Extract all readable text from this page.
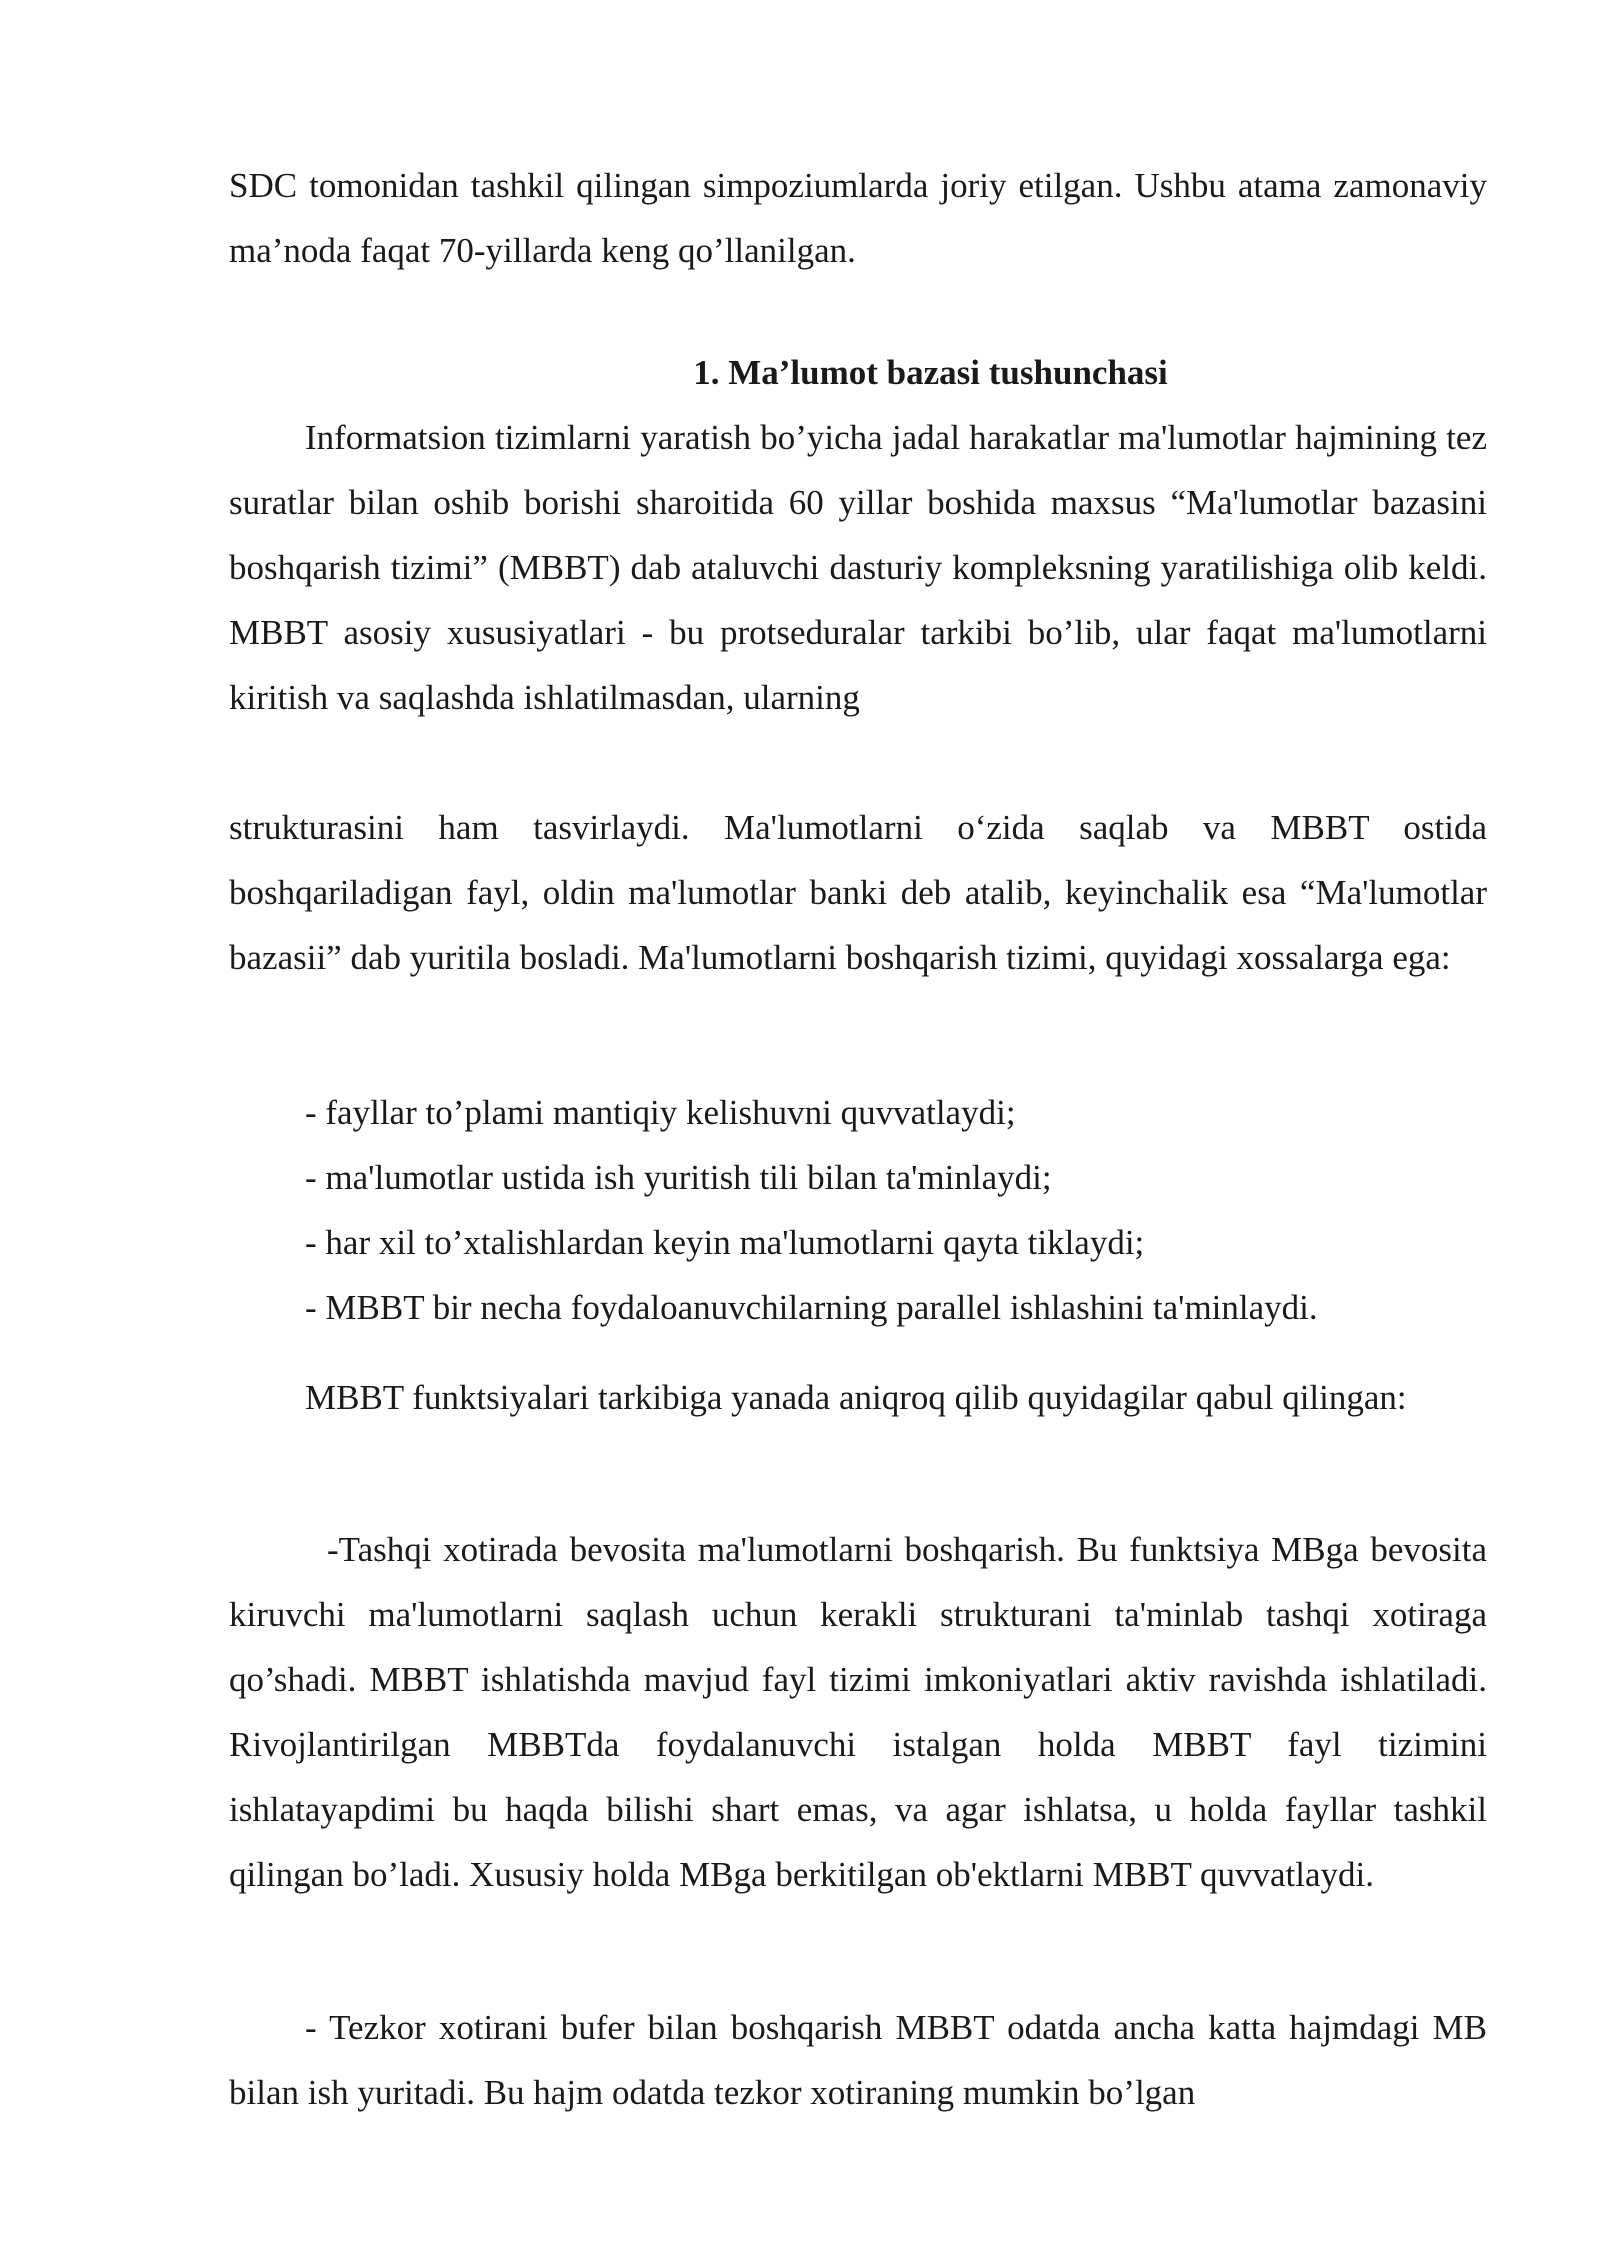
SDC tomonidan tashkil qilingan simpoziumlarda joriy etilgan. Ushbu atama zamonaviy ma’noda faqat 70-yillarda keng qo’llanilgan.

1. Ma’lumot bazasi tushunchasi

Informatsion tizimlarni yaratish bo’yicha jadal harakatlar ma'lumotlar hajmining tez suratlar bilan oshib borishi sharoitida 60 yillar boshida maxsus “Ma'lumotlar bazasini boshqarish tizimi” (MBBT) dab ataluvchi dasturiy kompleksning yaratilishiga olib keldi. MBBT asosiy xususiyatlari - bu protseduralar tarkibi bo’lib, ular faqat ma'lumotlarni kiritish va saqlashda ishlatilmasdan, ularning

strukturasini ham tasvirlaydi. Ma'lumotlarni o‘zida saqlab va MBBT ostida boshqariladigan fayl, oldin ma'lumotlar banki deb atalib, keyinchalik esa “Ma'lumotlar bazasii” dab yuritila bosladi. Ma'lumotlarni boshqarish tizimi, quyidagi xossalarga ega:

- fayllar to’plami mantiqiy kelishuvni quvvatlaydi;
- ma'lumotlar ustida ish yuritish tili bilan ta'minlaydi;
- har xil to’xtalishlardan keyin ma'lumotlarni qayta tiklaydi;
- MBBT bir necha foydaloanuvchilarning parallel ishlashini ta'minlaydi.

MBBT funktsiyalari tarkibiga yanada aniqroq qilib quyidagilar qabul qilingan:

-Tashqi xotirada bevosita ma'lumotlarni boshqarish. Bu funktsiya MBga bevosita kiruvchi ma'lumotlarni saqlash uchun kerakli strukturani ta'minlab tashqi xotiraga qo’shadi. MBBT ishlatishda mavjud fayl tizimi imkoniyatlari aktiv ravishda ishlatiladi. Rivojlantirilgan MBBTda foydalanuvchi istalgan holda MBBT fayl tizimini ishlatayapdimi bu haqda bilishi shart emas, va agar ishlatsa, u holda fayllar tashkil qilingan bo’ladi. Xususiy holda MBga berkitilgan ob'ektlarni MBBT quvvatlaydi.

- Tezkor xotirani bufer bilan boshqarish MBBT odatda ancha katta hajmdagi MB bilan ish yuritadi. Bu hajm odatda tezkor xotiraning mumkin bo’lgan
